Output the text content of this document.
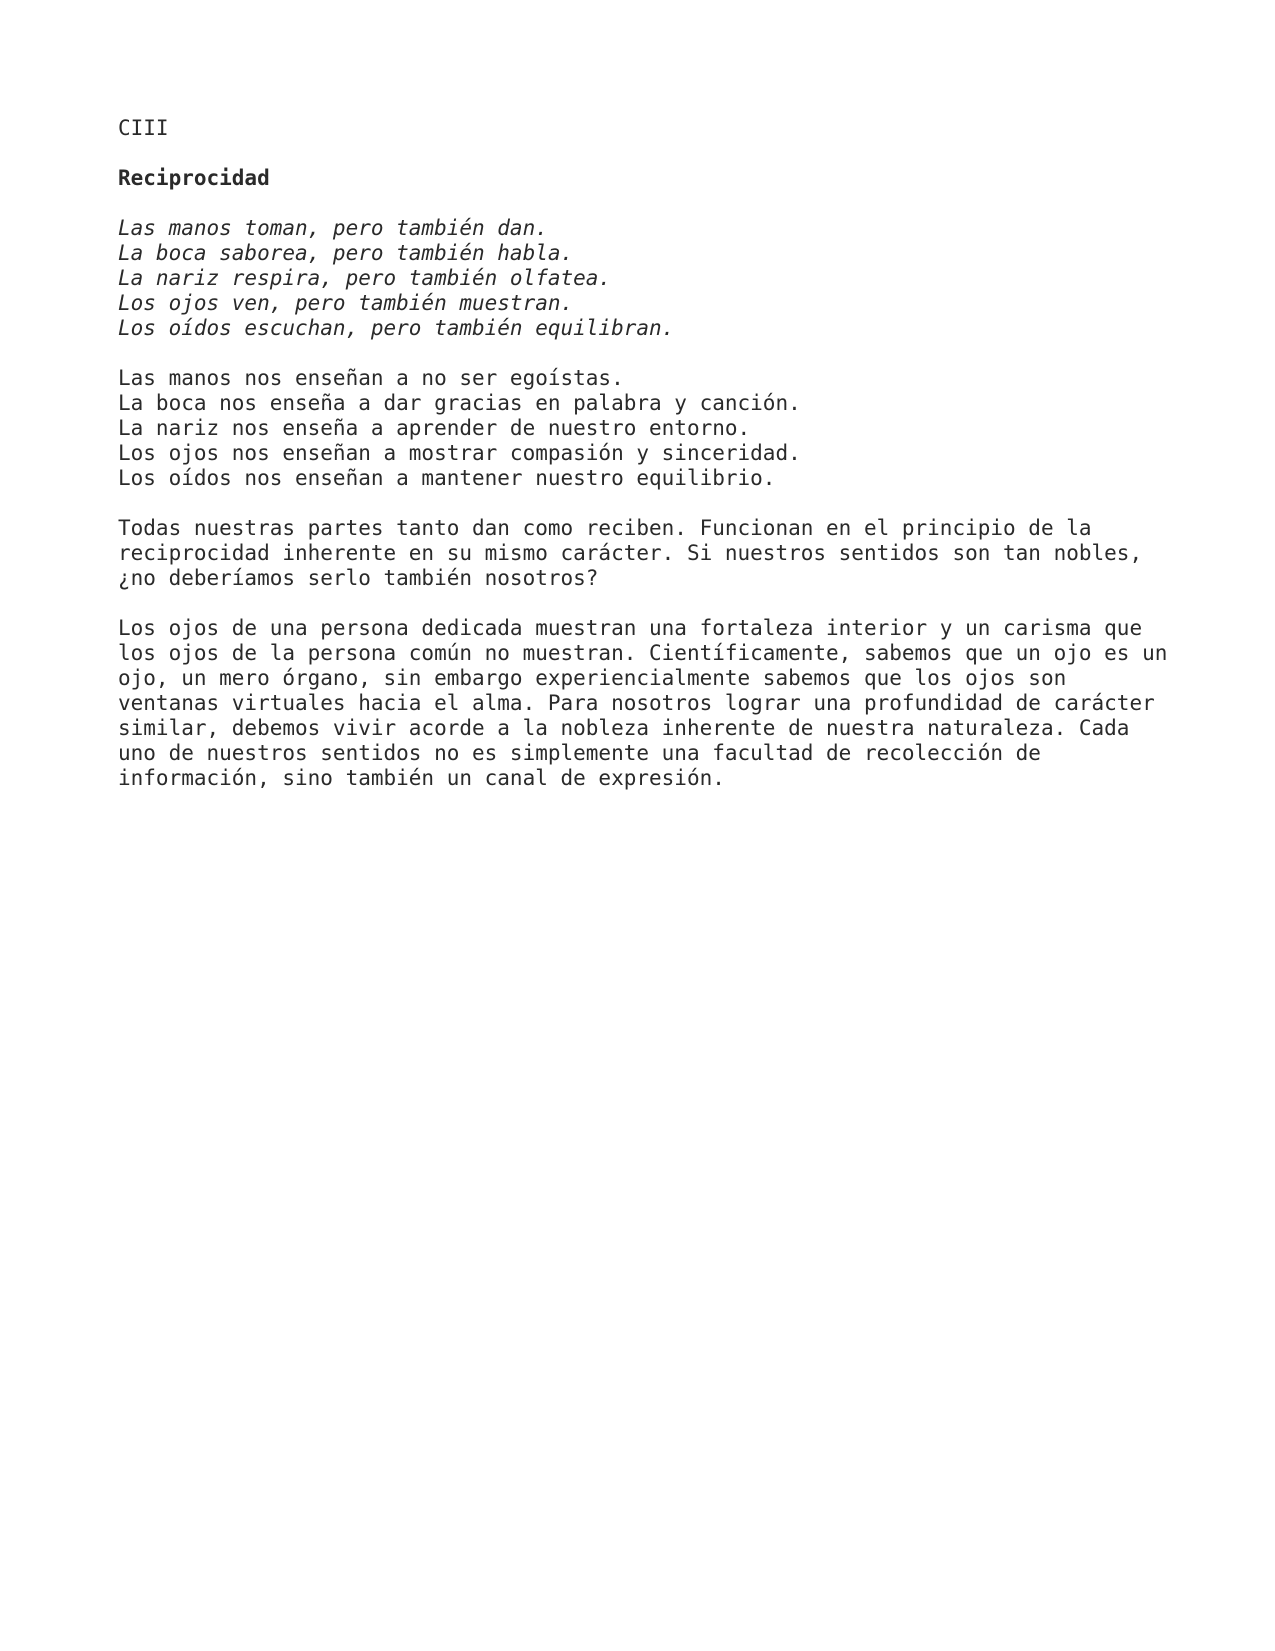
CIII
Reciprocidad
Las manos toman, pero también dan.
La boca saborea, pero también habla.
La nariz respira, pero también olfatea.
Los ojos ven, pero también muestran.
Los oídos escuchan, pero también equilibran.
Las manos nos enseñan a no ser egoístas.
La boca nos enseña a dar gracias en palabra y canción.
La nariz nos enseña a aprender de nuestro entorno.
Los ojos nos enseñan a mostrar compasión y sinceridad.
Los oídos nos enseñan a mantener nuestro equilibrio.
Todas nuestras partes tanto dan como reciben. Funcionan en el principio de la
reciprocidad inherente en su mismo carácter. Si nuestros sentidos son tan nobles,
¿no deberíamos serlo también nosotros?
Los ojos de una persona dedicada muestran una fortaleza interior y un carisma que
los ojos de la persona común no muestran. Científicamente, sabemos que un ojo es un
ojo, un mero órgano, sin embargo experiencialmente sabemos que los ojos son
ventanas virtuales hacia el alma. Para nosotros lograr una profundidad de carácter
similar, debemos vivir acorde a la nobleza inherente de nuestra naturaleza. Cada
uno de nuestros sentidos no es simplemente una facultad de recolección de
información, sino también un canal de expresión.
